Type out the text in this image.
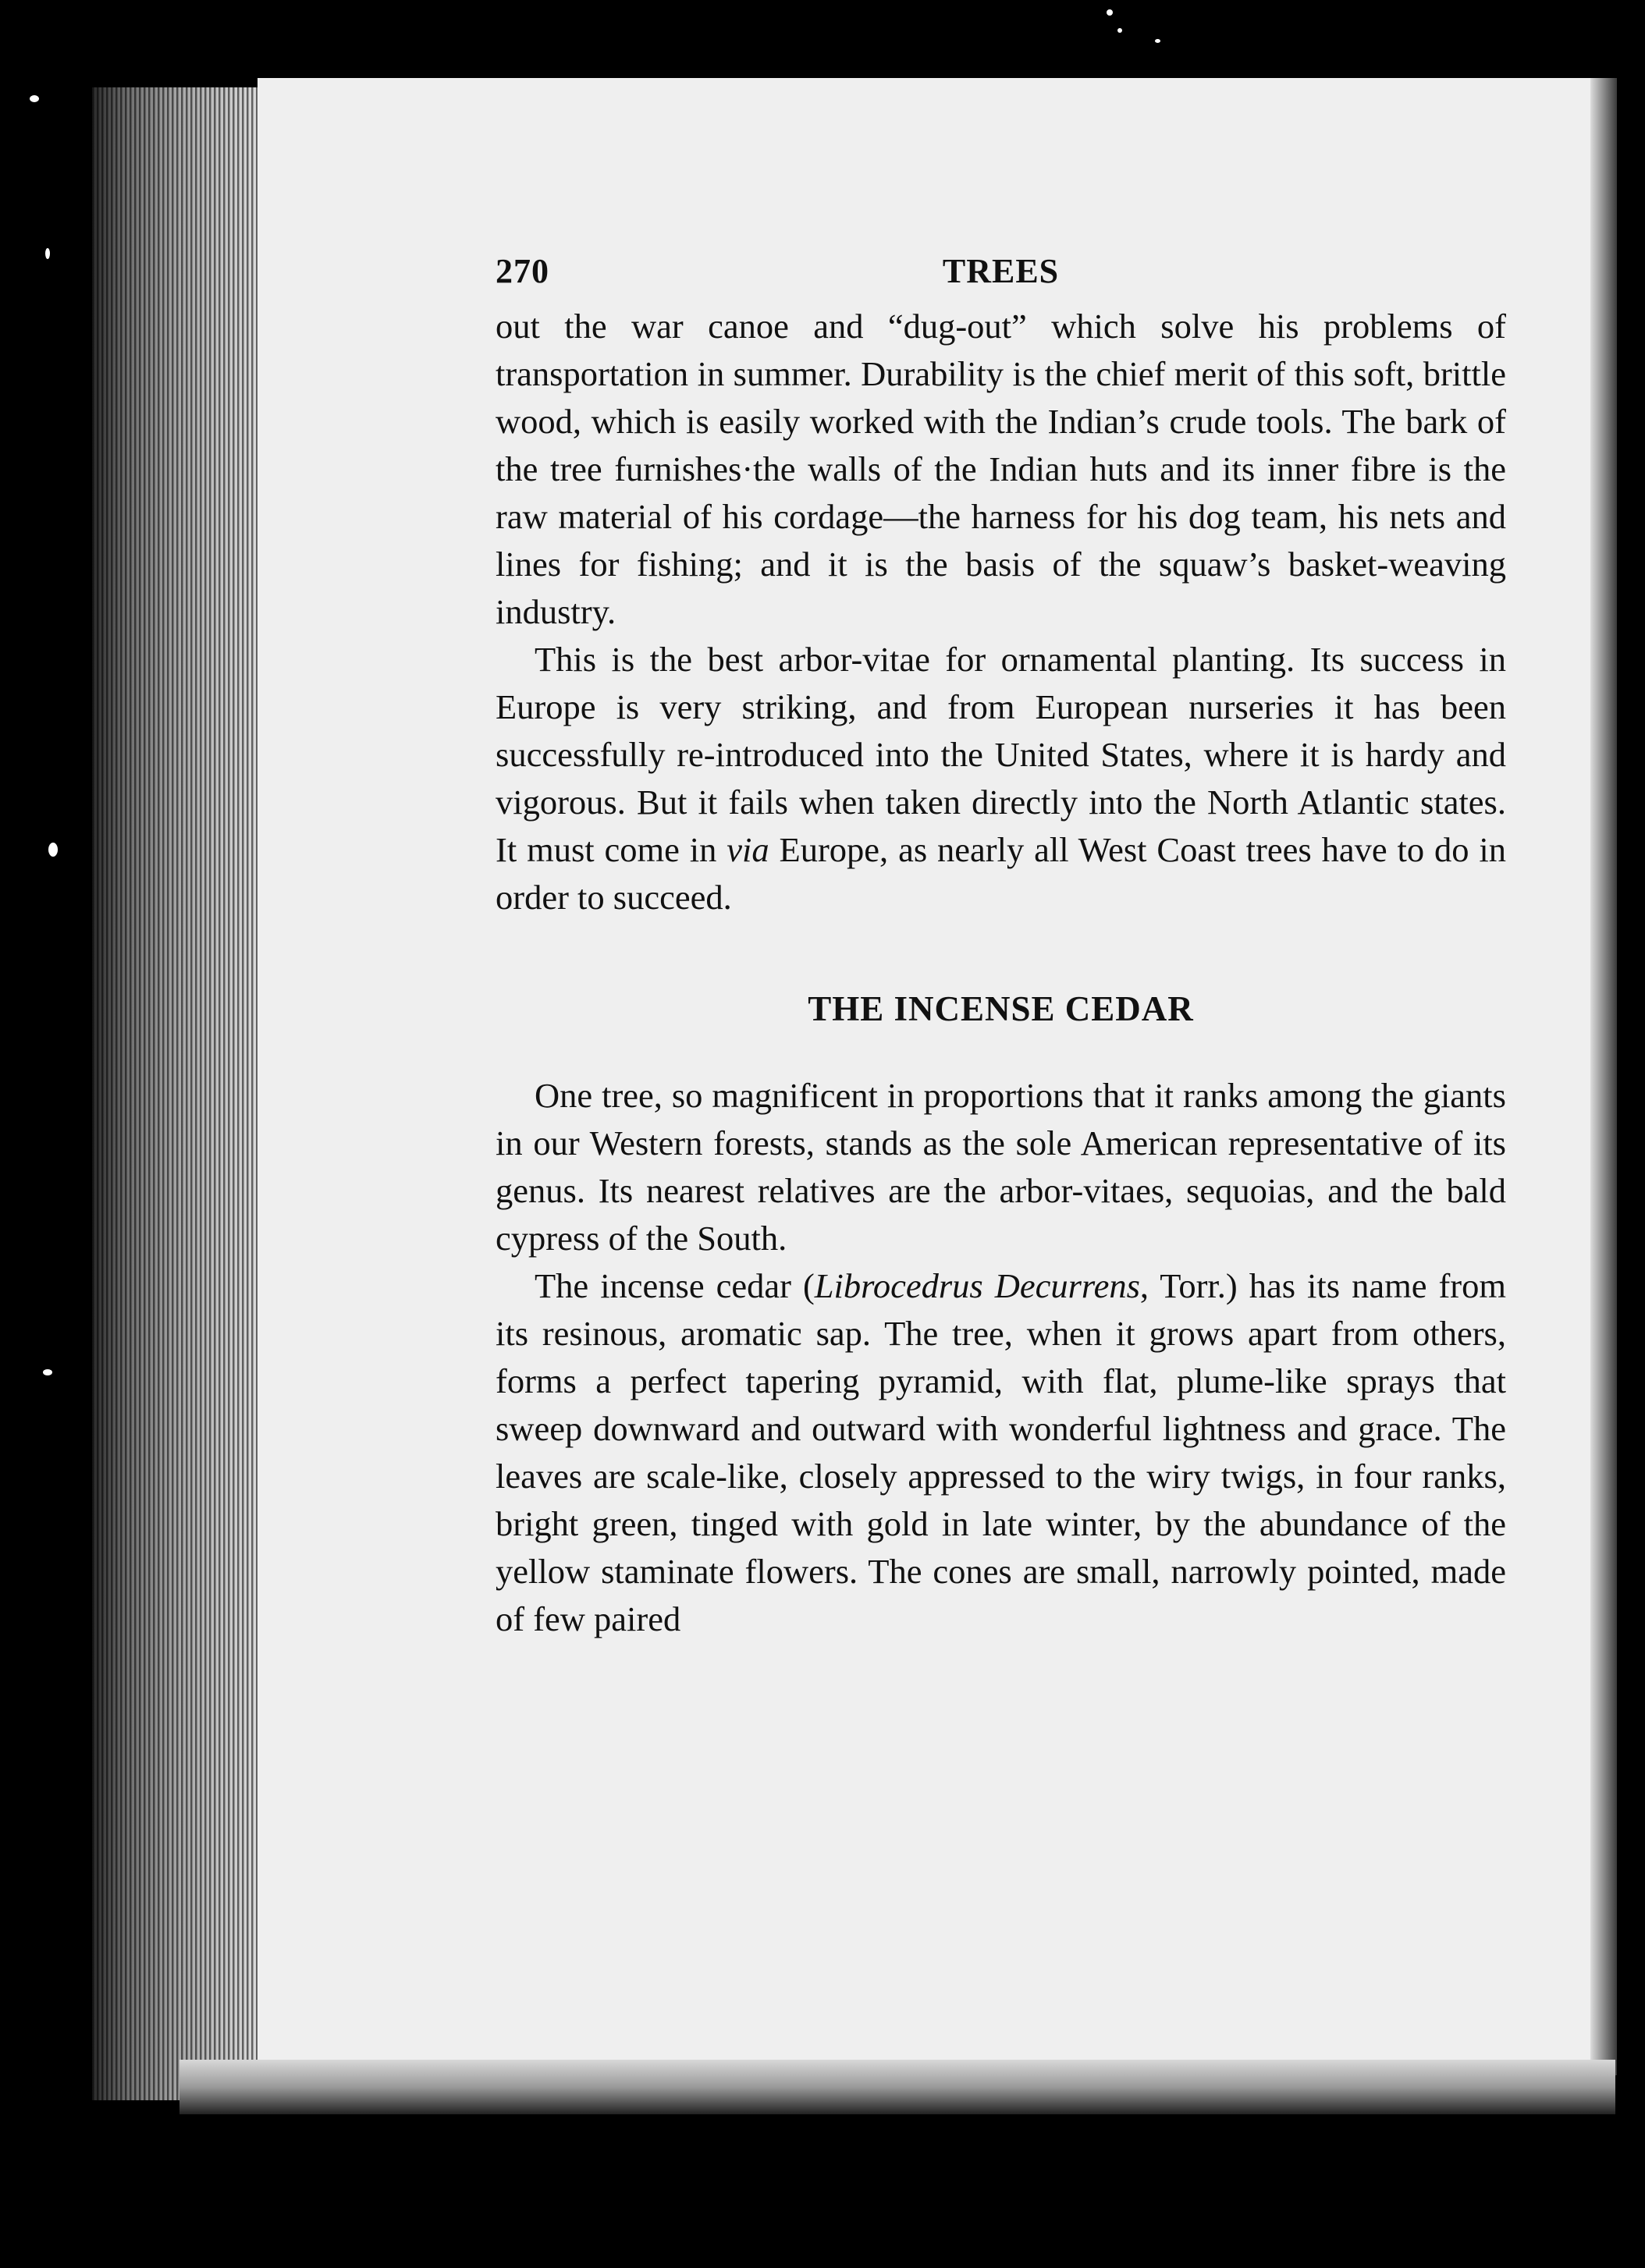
270	TREES

out the war canoe and “dug-out” which solve his problems of transportation in summer. Durability is the chief merit of this soft, brittle wood, which is easily worked with the Indian’s crude tools. The bark of the tree furnishes·the walls of the Indian huts and its inner fibre is the raw material of his cordage—the harness for his dog team, his nets and lines for fishing; and it is the basis of the squaw’s basket-weaving industry.

This is the best arbor-vitae for ornamental planting. Its success in Europe is very striking, and from European nurseries it has been successfully re-introduced into the United States, where it is hardy and vigorous. But it fails when taken directly into the North Atlantic states. It must come in via Europe, as nearly all West Coast trees have to do in order to succeed.

THE INCENSE CEDAR

One tree, so magnificent in proportions that it ranks among the giants in our Western forests, stands as the sole American representative of its genus. Its nearest relatives are the arbor-vitaes, sequoias, and the bald cypress of the South.

The incense cedar (Librocedrus Decurrens, Torr.) has its name from its resinous, aromatic sap. The tree, when it grows apart from others, forms a perfect tapering pyramid, with flat, plume-like sprays that sweep downward and outward with wonderful lightness and grace. The leaves are scale-like, closely appressed to the wiry twigs, in four ranks, bright green, tinged with gold in late winter, by the abundance of the yellow staminate flowers. The cones are small, narrowly pointed, made of few paired
